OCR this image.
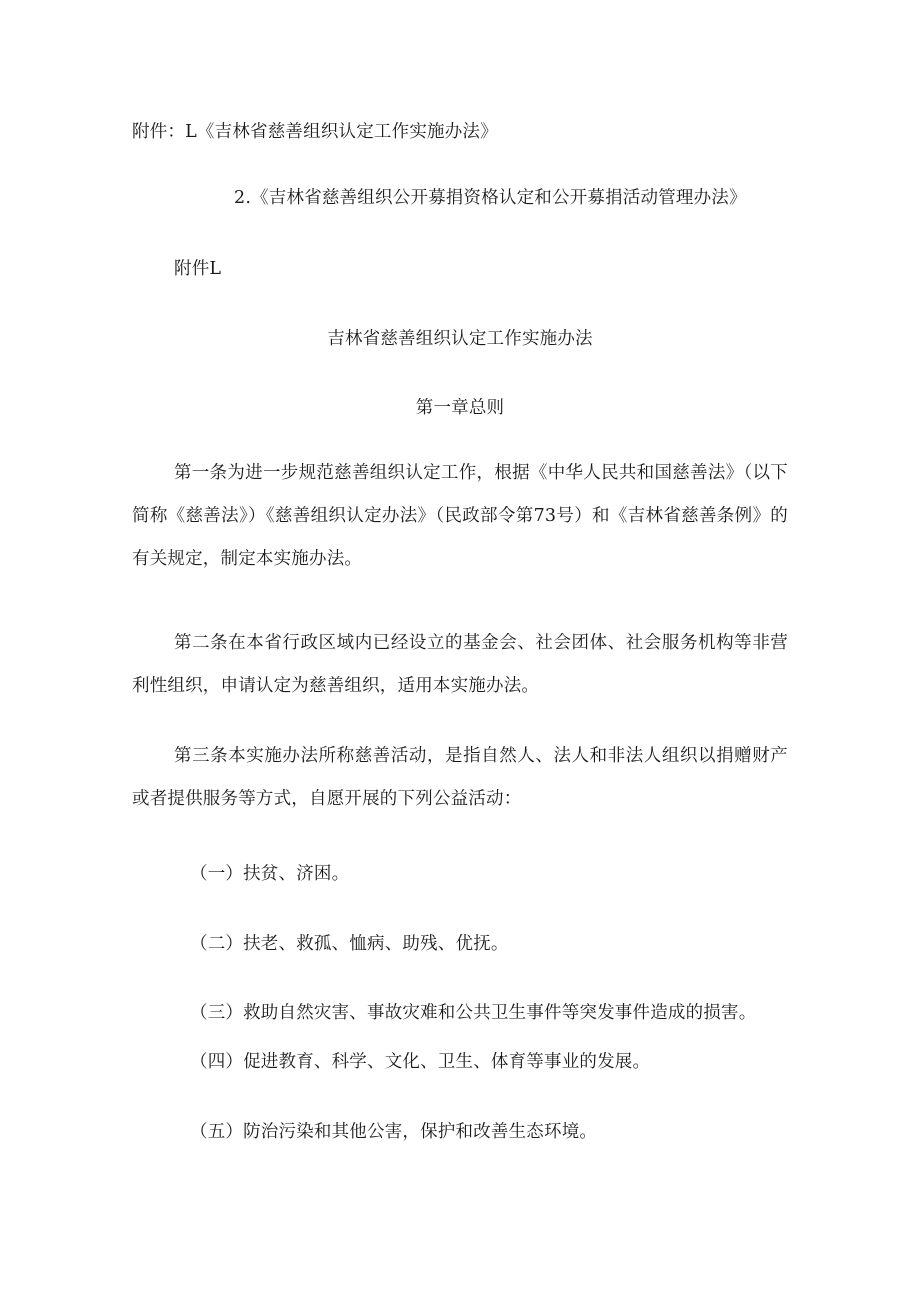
附件：L《吉林省慈善组织认定工作实施办法》
2.《吉林省慈善组织公开募捐资格认定和公开募捐活动管理办法》
附件L
吉林省慈善组织认定工作实施办法
第一章总则

第一条为进一步规范慈善组织认定工作，根据《中华人民共和国慈善法》（以下简称《慈善法》）《慈善组织认定办法》（民政部令第73号）和《吉林省慈善条例》的有关规定，制定本实施办法。

第二条在本省行政区域内已经设立的基金会、社会团体、社会服务机构等非营利性组织，申请认定为慈善组织，适用本实施办法。

第三条本实施办法所称慈善活动，是指自然人、法人和非法人组织以捐赠财产或者提供服务等方式，自愿开展的下列公益活动：

（一）扶贫、济困。
（二）扶老、救孤、恤病、助残、优抚。
（三）救助自然灾害、事故灾难和公共卫生事件等突发事件造成的损害。
（四）促进教育、科学、文化、卫生、体育等事业的发展。
（五）防治污染和其他公害，保护和改善生态环境。
